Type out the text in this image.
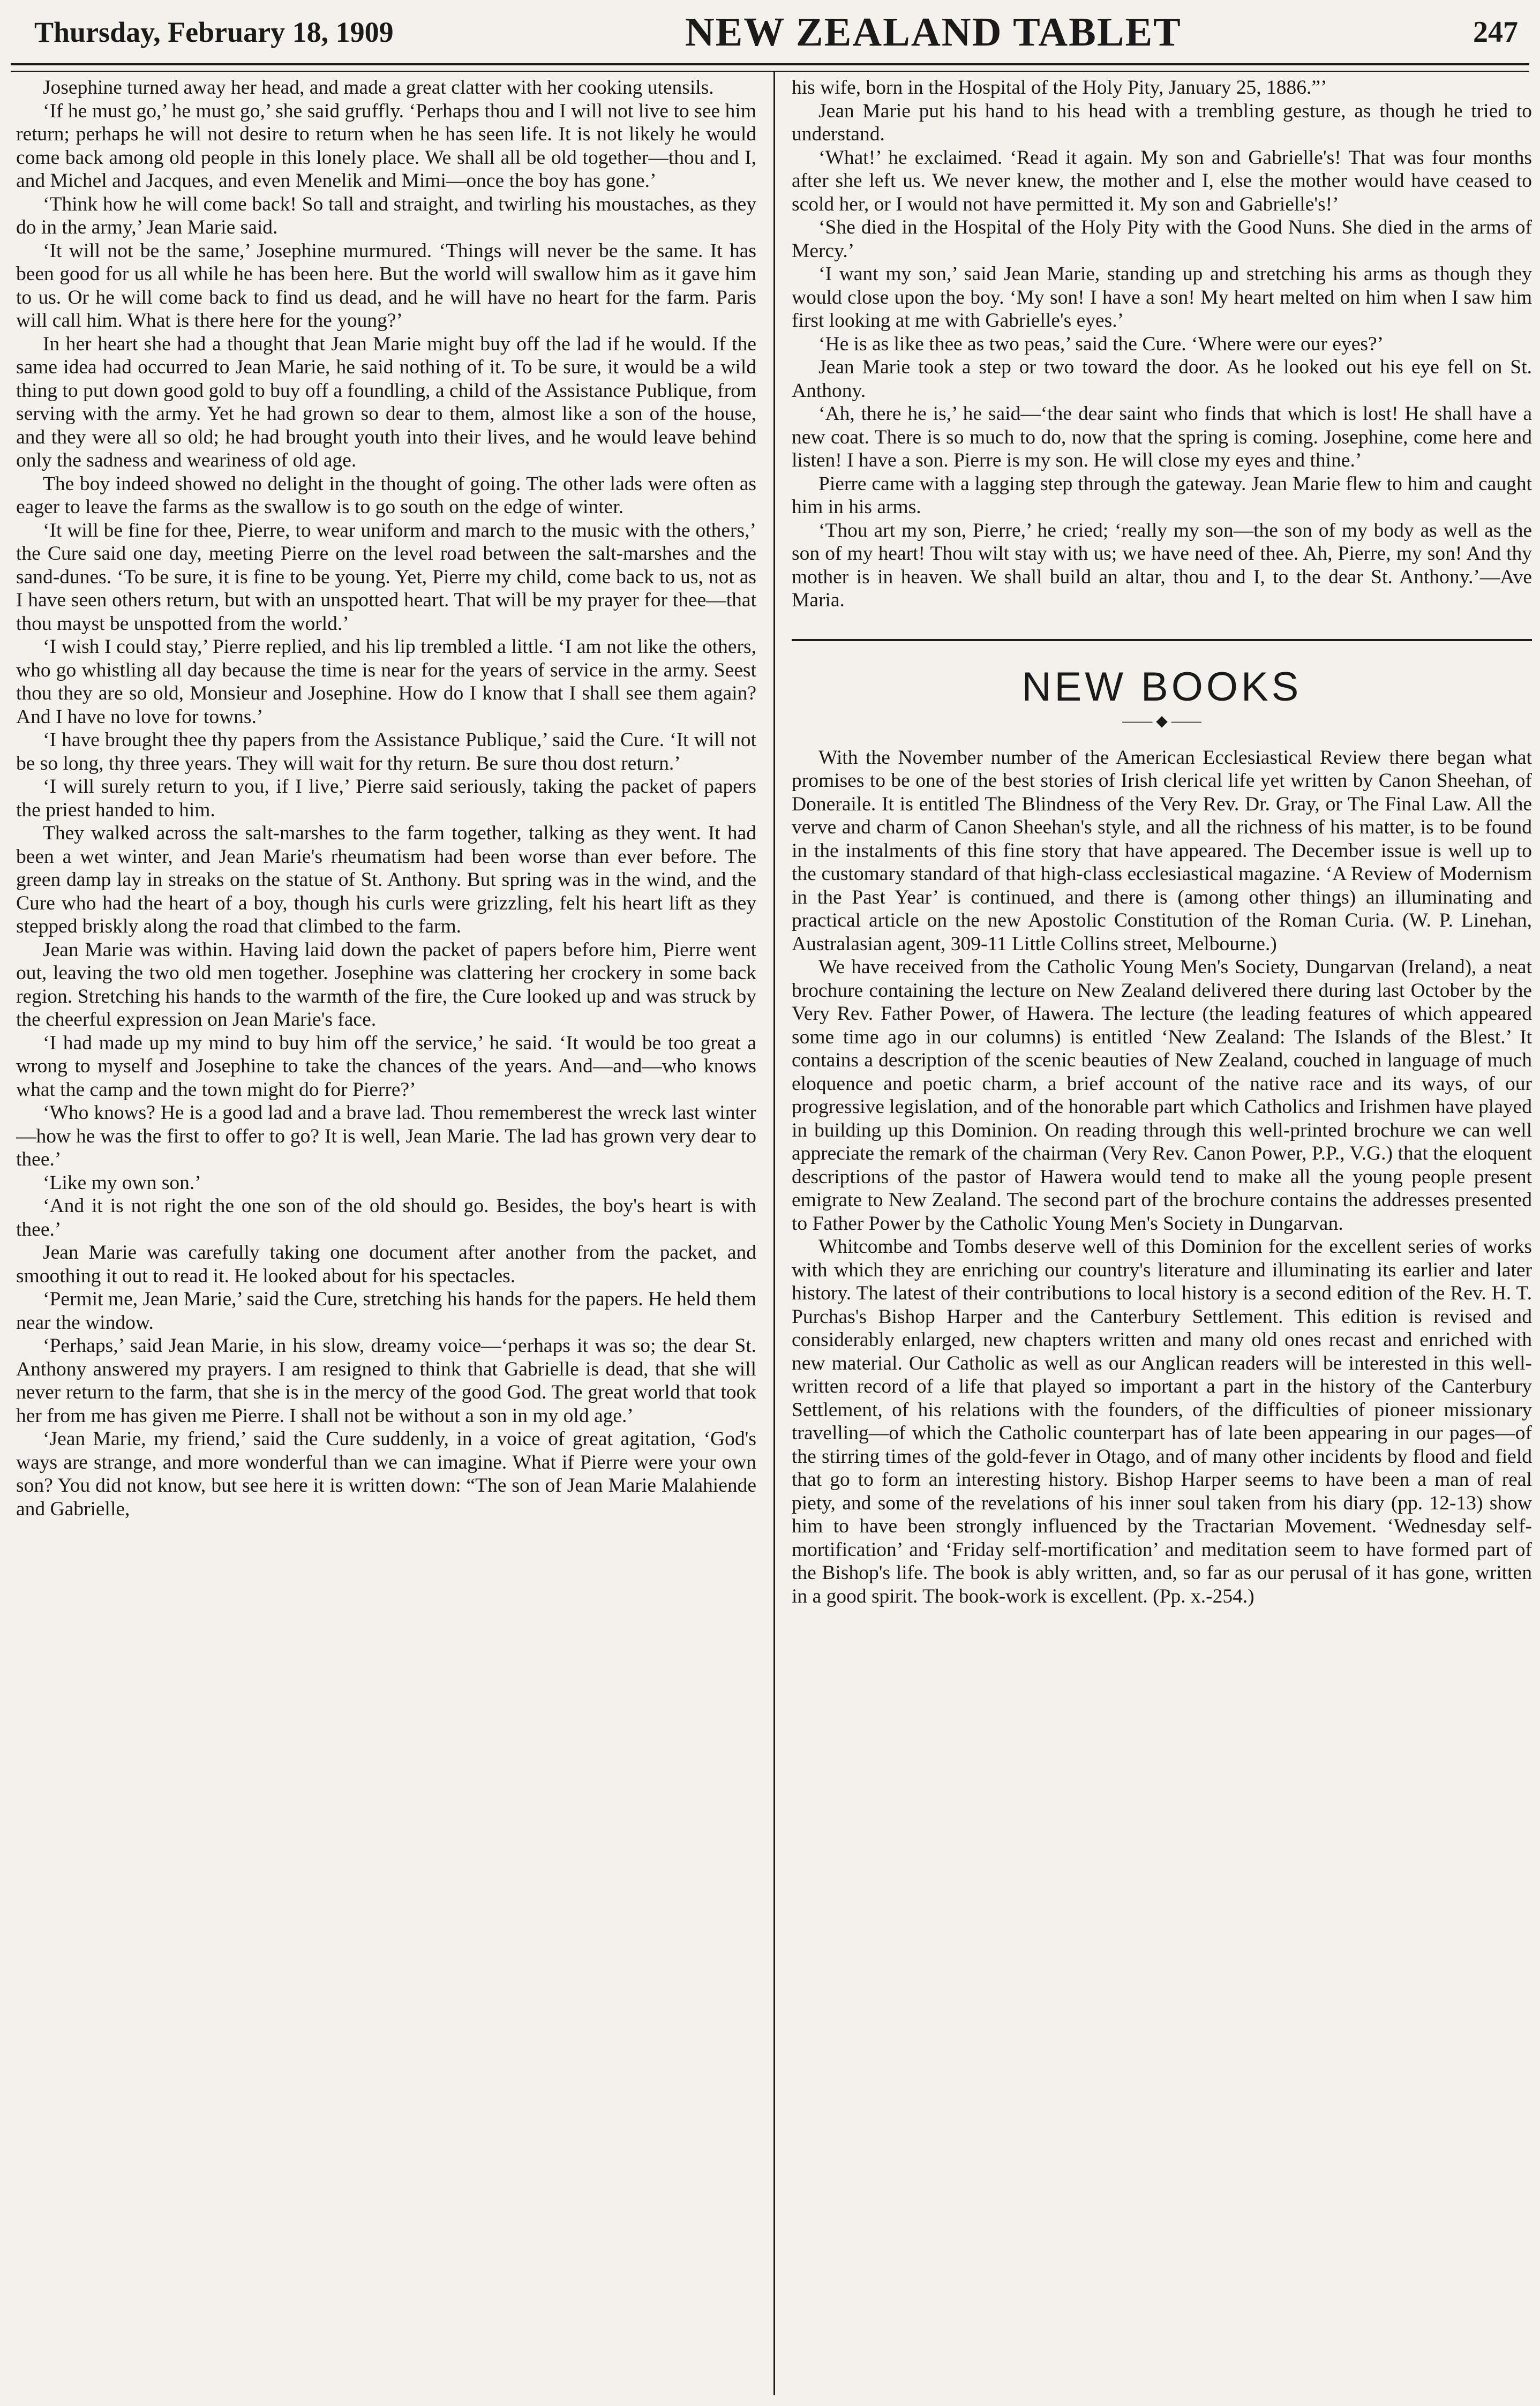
Thursday, February 18, 1909	NEW ZEALAND TABLET	247

Josephine turned away her head, and made a great clatter with her cooking utensils.

‘If he must go,’ he must go,’ she said gruffly. ‘Perhaps thou and I will not live to see him return; perhaps he will not desire to return when he has seen life. It is not likely he would come back among old people in this lonely place. We shall all be old together—thou and I, and Michel and Jacques, and even Menelik and Mimi—once the boy has gone.’

‘Think how he will come back! So tall and straight, and twirling his moustaches, as they do in the army,’ Jean Marie said.

‘It will not be the same,’ Josephine murmured. ‘Things will never be the same. It has been good for us all while he has been here. But the world will swallow him as it gave him to us. Or he will come back to find us dead, and he will have no heart for the farm. Paris will call him. What is there here for the young?’

In her heart she had a thought that Jean Marie might buy off the lad if he would. If the same idea had occurred to Jean Marie, he said nothing of it. To be sure, it would be a wild thing to put down good gold to buy off a foundling, a child of the Assistance Publique, from serving with the army. Yet he had grown so dear to them, almost like a son of the house, and they were all so old; he had brought youth into their lives, and he would leave behind only the sadness and weariness of old age.

The boy indeed showed no delight in the thought of going. The other lads were often as eager to leave the farms as the swallow is to go south on the edge of winter.

‘It will be fine for thee, Pierre, to wear uniform and march to the music with the others,’ the Cure said one day, meeting Pierre on the level road between the salt-marshes and the sand-dunes. ‘To be sure, it is fine to be young. Yet, Pierre my child, come back to us, not as I have seen others return, but with an unspotted heart. That will be my prayer for thee—that thou mayst be unspotted from the world.’

‘I wish I could stay,’ Pierre replied, and his lip trembled a little. ‘I am not like the others, who go whistling all day because the time is near for the years of service in the army. Seest thou they are so old, Monsieur and Josephine. How do I know that I shall see them again? And I have no love for towns.’

‘I have brought thee thy papers from the Assistance Publique,’ said the Cure. ‘It will not be so long, thy three years. They will wait for thy return. Be sure thou dost return.’

‘I will surely return to you, if I live,’ Pierre said seriously, taking the packet of papers the priest handed to him.

They walked across the salt-marshes to the farm together, talking as they went. It had been a wet winter, and Jean Marie's rheumatism had been worse than ever before. The green damp lay in streaks on the statue of St. Anthony. But spring was in the wind, and the Cure who had the heart of a boy, though his curls were grizzling, felt his heart lift as they stepped briskly along the road that climbed to the farm.

Jean Marie was within. Having laid down the packet of papers before him, Pierre went out, leaving the two old men together. Josephine was clattering her crockery in some back region. Stretching his hands to the warmth of the fire, the Cure looked up and was struck by the cheerful expression on Jean Marie's face.

‘I had made up my mind to buy him off the service,’ he said. ‘It would be too great a wrong to myself and Josephine to take the chances of the years. And—and—who knows what the camp and the town might do for Pierre?’

‘Who knows? He is a good lad and a brave lad. Thou rememberest the wreck last winter—how he was the first to offer to go? It is well, Jean Marie. The lad has grown very dear to thee.’

‘Like my own son.’

‘And it is not right the one son of the old should go. Besides, the boy's heart is with thee.’

Jean Marie was carefully taking one document after another from the packet, and smoothing it out to read it. He looked about for his spectacles.

‘Permit me, Jean Marie,’ said the Cure, stretching his hands for the papers. He held them near the window.

‘Perhaps,’ said Jean Marie, in his slow, dreamy voice—‘perhaps it was so; the dear St. Anthony answered my prayers. I am resigned to think that Gabrielle is dead, that she will never return to the farm, that she is in the mercy of the good God. The great world that took her from me has given me Pierre. I shall not be without a son in my old age.’

‘Jean Marie, my friend,’ said the Cure suddenly, in a voice of great agitation, ‘God's ways are strange, and more wonderful than we can imagine. What if Pierre were your own son? You did not know, but see here it is written down: “The son of Jean Marie Malahiende and Gabrielle,

his wife, born in the Hospital of the Holy Pity, January 25, 1886.”’

Jean Marie put his hand to his head with a trembling gesture, as though he tried to understand.

‘What!’ he exclaimed. ‘Read it again. My son and Gabrielle's! That was four months after she left us. We never knew, the mother and I, else the mother would have ceased to scold her, or I would not have permitted it. My son and Gabrielle's!’

‘She died in the Hospital of the Holy Pity with the Good Nuns. She died in the arms of Mercy.’

‘I want my son,’ said Jean Marie, standing up and stretching his arms as though they would close upon the boy. ‘My son! I have a son! My heart melted on him when I saw him first looking at me with Gabrielle's eyes.’

‘He is as like thee as two peas,’ said the Cure. ‘Where were our eyes?’

Jean Marie took a step or two toward the door. As he looked out his eye fell on St. Anthony.

‘Ah, there he is,’ he said—‘the dear saint who finds that which is lost! He shall have a new coat. There is so much to do, now that the spring is coming. Josephine, come here and listen! I have a son. Pierre is my son. He will close my eyes and thine.’

Pierre came with a lagging step through the gateway. Jean Marie flew to him and caught him in his arms.

‘Thou art my son, Pierre,’ he cried; ‘really my son—the son of my body as well as the son of my heart! Thou wilt stay with us; we have need of thee. Ah, Pierre, my son! And thy mother is in heaven. We shall build an altar, thou and I, to the dear St. Anthony.’—Ave Maria.

NEW BOOKS
—— ◆ ——

With the November number of the American Ecclesiastical Review there began what promises to be one of the best stories of Irish clerical life yet written by Canon Sheehan, of Doneraile. It is entitled The Blindness of the Very Rev. Dr. Gray, or The Final Law. All the verve and charm of Canon Sheehan's style, and all the richness of his matter, is to be found in the instalments of this fine story that have appeared. The December issue is well up to the customary standard of that high-class ecclesiastical magazine. ‘A Review of Modernism in the Past Year’ is continued, and there is (among other things) an illuminating and practical article on the new Apostolic Constitution of the Roman Curia. (W. P. Linehan, Australasian agent, 309-11 Little Collins street, Melbourne.)

We have received from the Catholic Young Men's Society, Dungarvan (Ireland), a neat brochure containing the lecture on New Zealand delivered there during last October by the Very Rev. Father Power, of Hawera. The lecture (the leading features of which appeared some time ago in our columns) is entitled ‘New Zealand: The Islands of the Blest.’ It contains a description of the scenic beauties of New Zealand, couched in language of much eloquence and poetic charm, a brief account of the native race and its ways, of our progressive legislation, and of the honorable part which Catholics and Irishmen have played in building up this Dominion. On reading through this well-printed brochure we can well appreciate the remark of the chairman (Very Rev. Canon Power, P.P., V.G.) that the eloquent descriptions of the pastor of Hawera would tend to make all the young people present emigrate to New Zealand. The second part of the brochure contains the addresses presented to Father Power by the Catholic Young Men's Society in Dungarvan.

Whitcombe and Tombs deserve well of this Dominion for the excellent series of works with which they are enriching our country's literature and illuminating its earlier and later history. The latest of their contributions to local history is a second edition of the Rev. H. T. Purchas's Bishop Harper and the Canterbury Settlement. This edition is revised and considerably enlarged, new chapters written and many old ones recast and enriched with new material. Our Catholic as well as our Anglican readers will be interested in this well-written record of a life that played so important a part in the history of the Canterbury Settlement, of his relations with the founders, of the difficulties of pioneer missionary travelling—of which the Catholic counterpart has of late been appearing in our pages—of the stirring times of the gold-fever in Otago, and of many other incidents by flood and field that go to form an interesting history. Bishop Harper seems to have been a man of real piety, and some of the revelations of his inner soul taken from his diary (pp. 12-13) show him to have been strongly influenced by the Tractarian Movement. ‘Wednesday self-mortification’ and ‘Friday self-mortification’ and meditation seem to have formed part of the Bishop's life. The book is ably written, and, so far as our perusal of it has gone, written in a good spirit. The book-work is excellent. (Pp. x.-254.)
